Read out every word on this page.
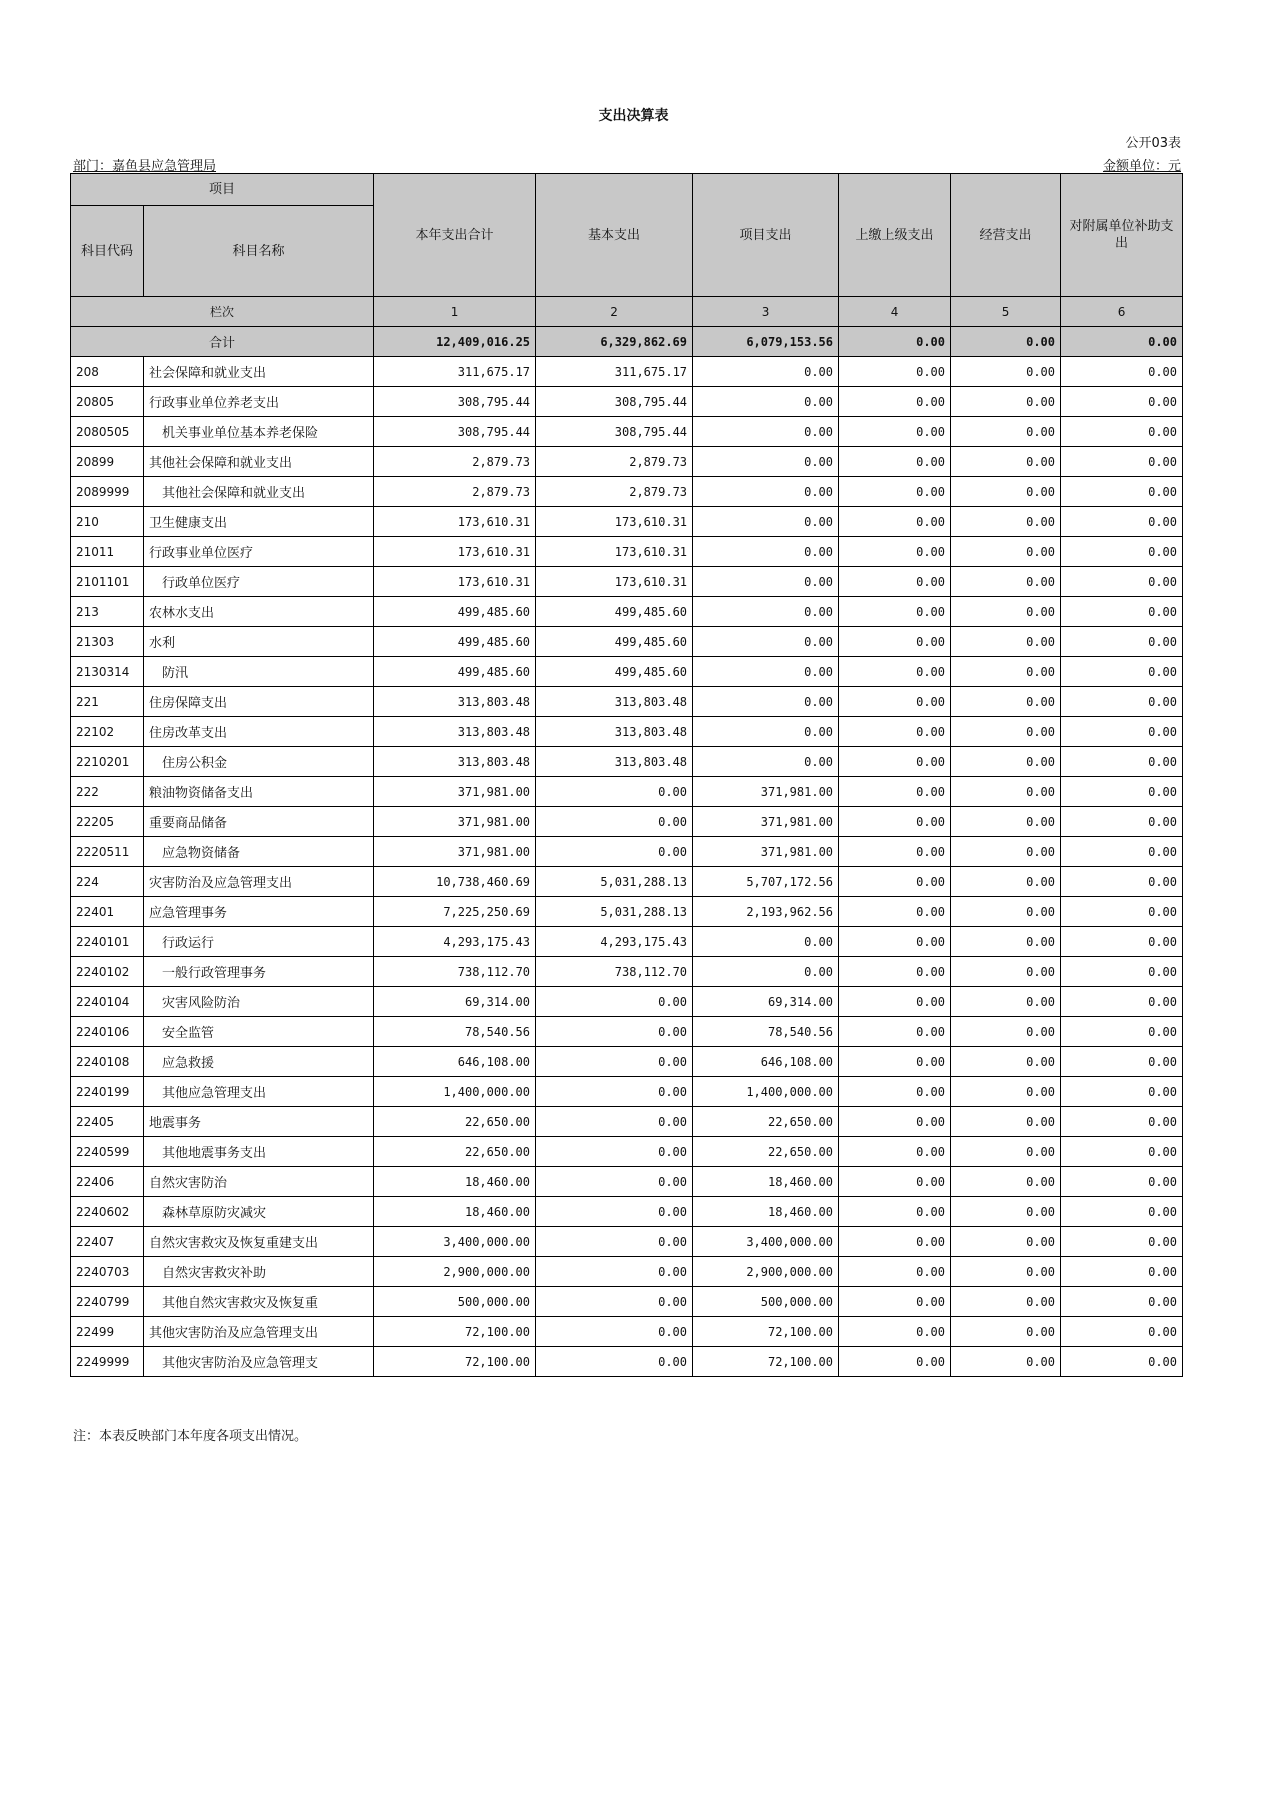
支出决算表
公开03表
部门：嘉鱼县应急管理局	金额单位：元
项目		本年支出合计	基本支出	项目支出	上缴上级支出	经营支出	对附属单位补助支出
科目代码	科目名称						
栏次		1	2	3	4	5	6
合计		12,409,016.25	6,329,862.69	6,079,153.56	0.00	0.00	0.00
208	社会保障和就业支出	311,675.17	311,675.17	0.00	0.00	0.00	0.00
20805	行政事业单位养老支出	308,795.44	308,795.44	0.00	0.00	0.00	0.00
2080505	机关事业单位基本养老保险	308,795.44	308,795.44	0.00	0.00	0.00	0.00
20899	其他社会保障和就业支出	2,879.73	2,879.73	0.00	0.00	0.00	0.00
2089999	其他社会保障和就业支出	2,879.73	2,879.73	0.00	0.00	0.00	0.00
210	卫生健康支出	173,610.31	173,610.31	0.00	0.00	0.00	0.00
21011	行政事业单位医疗	173,610.31	173,610.31	0.00	0.00	0.00	0.00
2101101	行政单位医疗	173,610.31	173,610.31	0.00	0.00	0.00	0.00
213	农林水支出	499,485.60	499,485.60	0.00	0.00	0.00	0.00
21303	水利	499,485.60	499,485.60	0.00	0.00	0.00	0.00
2130314	防汛	499,485.60	499,485.60	0.00	0.00	0.00	0.00
221	住房保障支出	313,803.48	313,803.48	0.00	0.00	0.00	0.00
22102	住房改革支出	313,803.48	313,803.48	0.00	0.00	0.00	0.00
2210201	住房公积金	313,803.48	313,803.48	0.00	0.00	0.00	0.00
222	粮油物资储备支出	371,981.00	0.00	371,981.00	0.00	0.00	0.00
22205	重要商品储备	371,981.00	0.00	371,981.00	0.00	0.00	0.00
2220511	应急物资储备	371,981.00	0.00	371,981.00	0.00	0.00	0.00
224	灾害防治及应急管理支出	10,738,460.69	5,031,288.13	5,707,172.56	0.00	0.00	0.00
22401	应急管理事务	7,225,250.69	5,031,288.13	2,193,962.56	0.00	0.00	0.00
2240101	行政运行	4,293,175.43	4,293,175.43	0.00	0.00	0.00	0.00
2240102	一般行政管理事务	738,112.70	738,112.70	0.00	0.00	0.00	0.00
2240104	灾害风险防治	69,314.00	0.00	69,314.00	0.00	0.00	0.00
2240106	安全监管	78,540.56	0.00	78,540.56	0.00	0.00	0.00
2240108	应急救援	646,108.00	0.00	646,108.00	0.00	0.00	0.00
2240199	其他应急管理支出	1,400,000.00	0.00	1,400,000.00	0.00	0.00	0.00
22405	地震事务	22,650.00	0.00	22,650.00	0.00	0.00	0.00
2240599	其他地震事务支出	22,650.00	0.00	22,650.00	0.00	0.00	0.00
22406	自然灾害防治	18,460.00	0.00	18,460.00	0.00	0.00	0.00
2240602	森林草原防灾减灾	18,460.00	0.00	18,460.00	0.00	0.00	0.00
22407	自然灾害救灾及恢复重建支出	3,400,000.00	0.00	3,400,000.00	0.00	0.00	0.00
2240703	自然灾害救灾补助	2,900,000.00	0.00	2,900,000.00	0.00	0.00	0.00
2240799	其他自然灾害救灾及恢复重	500,000.00	0.00	500,000.00	0.00	0.00	0.00
22499	其他灾害防治及应急管理支出	72,100.00	0.00	72,100.00	0.00	0.00	0.00
2249999	其他灾害防治及应急管理支	72,100.00	0.00	72,100.00	0.00	0.00	0.00
注：本表反映部门本年度各项支出情况。
